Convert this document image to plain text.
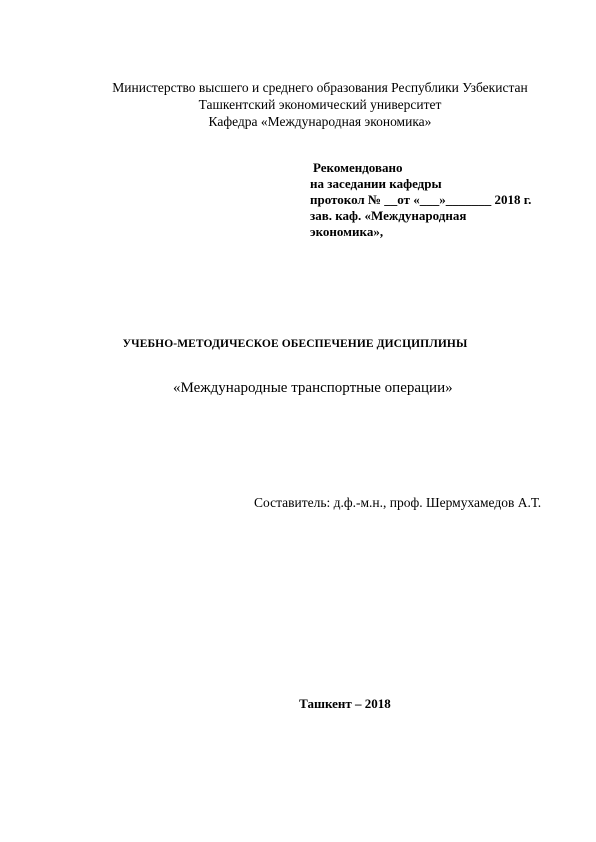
Министерство высшего и среднего образования Республики Узбекистан
Ташкентский экономический университет
Кафедра «Международная экономика»
Рекомендовано
на заседании кафедры
протокол № __от «___»_______ 2018 г.
зав. каф. «Международная
экономика»,
УЧЕБНО-МЕТОДИЧЕСКОЕ ОБЕСПЕЧЕНИЕ ДИСЦИПЛИНЫ
«Международные транспортные операции»
Составитель: д.ф.-м.н., проф. Шермухамедов А.Т.
Ташкент – 2018
